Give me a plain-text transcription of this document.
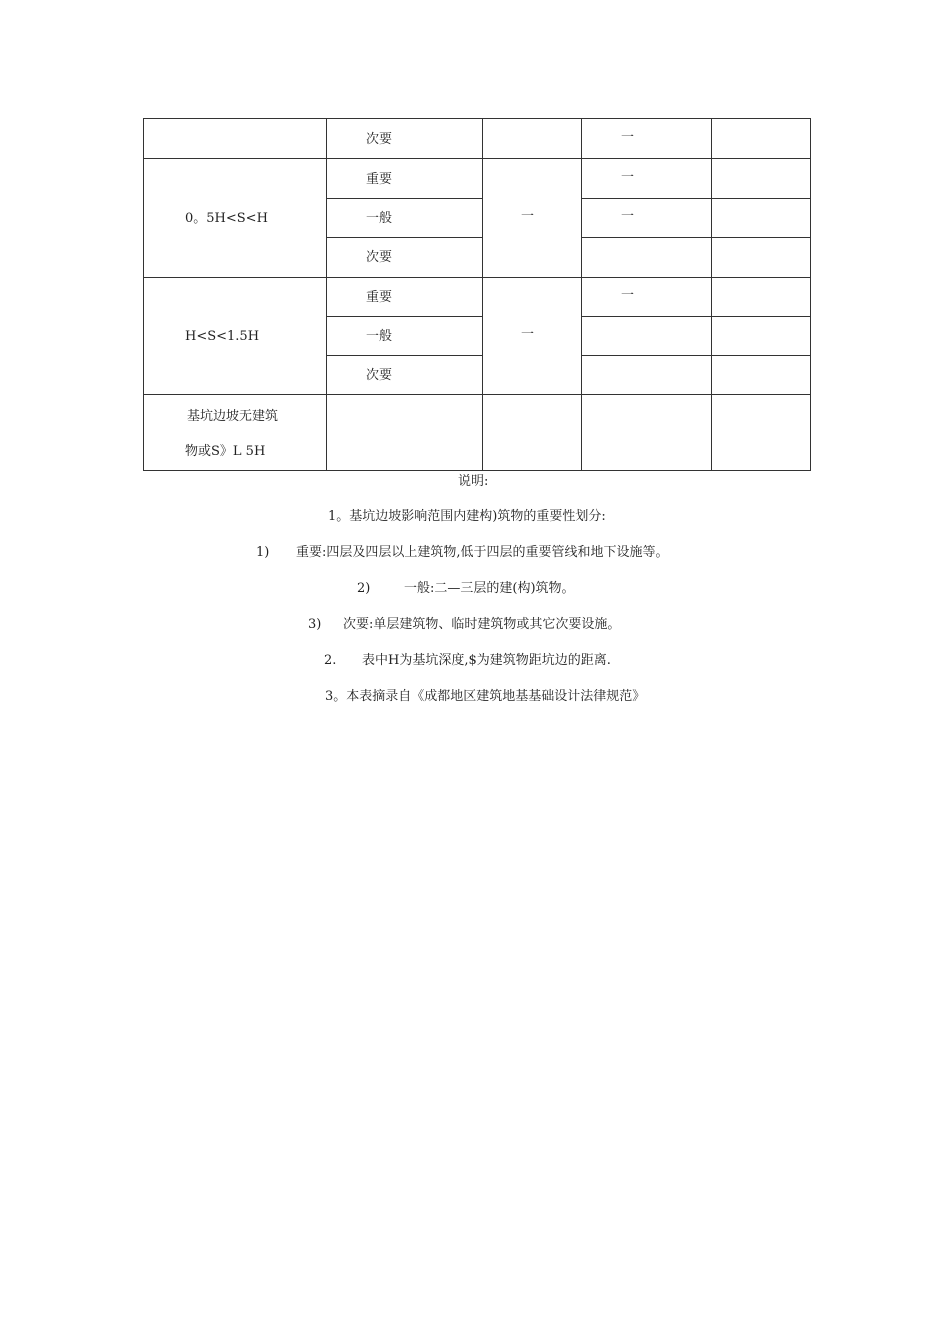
次要	一
0。5H<S<H
重要
一般
次要
一
一
一
H<S<1.5H
重要
一般
次要
一
一
基坑边坡无建筑
物或S》L 5H
说明:
1。基坑边坡影响范围内建构)筑物的重要性划分:
1) 重要:四层及四层以上建筑物,低于四层的重要管线和地下设施等。
2)	一般:二—三层的建(构)筑物。
3) 次要:单层建筑物、临时建筑物或其它次要设施。
2. 表中H为基坑深度,$为建筑物距坑边的距离.
3。本表摘录自《成都地区建筑地基基础设计法律规范》
